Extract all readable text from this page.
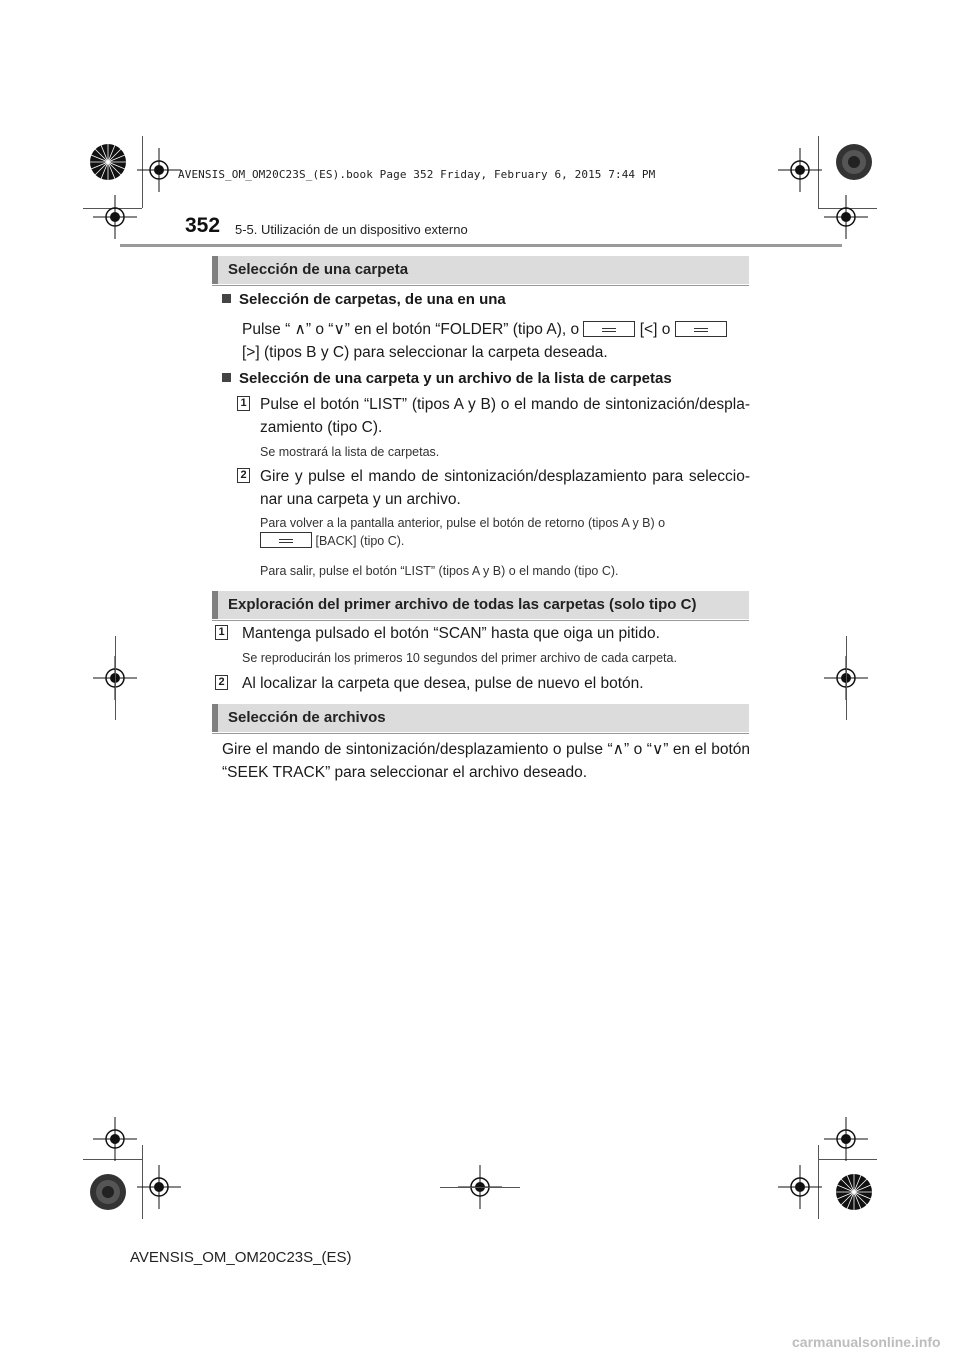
AVENSIS_OM_OM20C23S_(ES).book Page 352 Friday, February 6, 2015 7:44 PM
352 5-5. Utilización de un dispositivo externo
Selección de una carpeta
Selección de carpetas, de una en una
Pulse “ ∧” o “∨” en el botón “FOLDER” (tipo A), o	[<] o
[>] (tipos B y C) para seleccionar la carpeta deseada.
Selección de una carpeta y un archivo de la lista de carpetas
1 Pulse el botón “LIST” (tipos A y B) o el mando de sintonización/despla-zamiento (tipo C).
Se mostrará la lista de carpetas.
2 Gire y pulse el mando de sintonización/desplazamiento para seleccio-nar una carpeta y un archivo.
Para volver a la pantalla anterior, pulse el botón de retorno (tipos A y B) o
[BACK] (tipo C).
Para salir, pulse el botón “LIST” (tipos A y B) o el mando (tipo C).
Exploración del primer archivo de todas las carpetas (solo tipo C)
1 Mantenga pulsado el botón “SCAN” hasta que oiga un pitido.
Se reproducirán los primeros 10 segundos del primer archivo de cada carpeta.
2 Al localizar la carpeta que desea, pulse de nuevo el botón.
Selección de archivos
Gire el mando de sintonización/desplazamiento o pulse “∧” o “∨” en el botón “SEEK TRACK” para seleccionar el archivo deseado.
AVENSIS_OM_OM20C23S_(ES)
carmanualsonline.info
